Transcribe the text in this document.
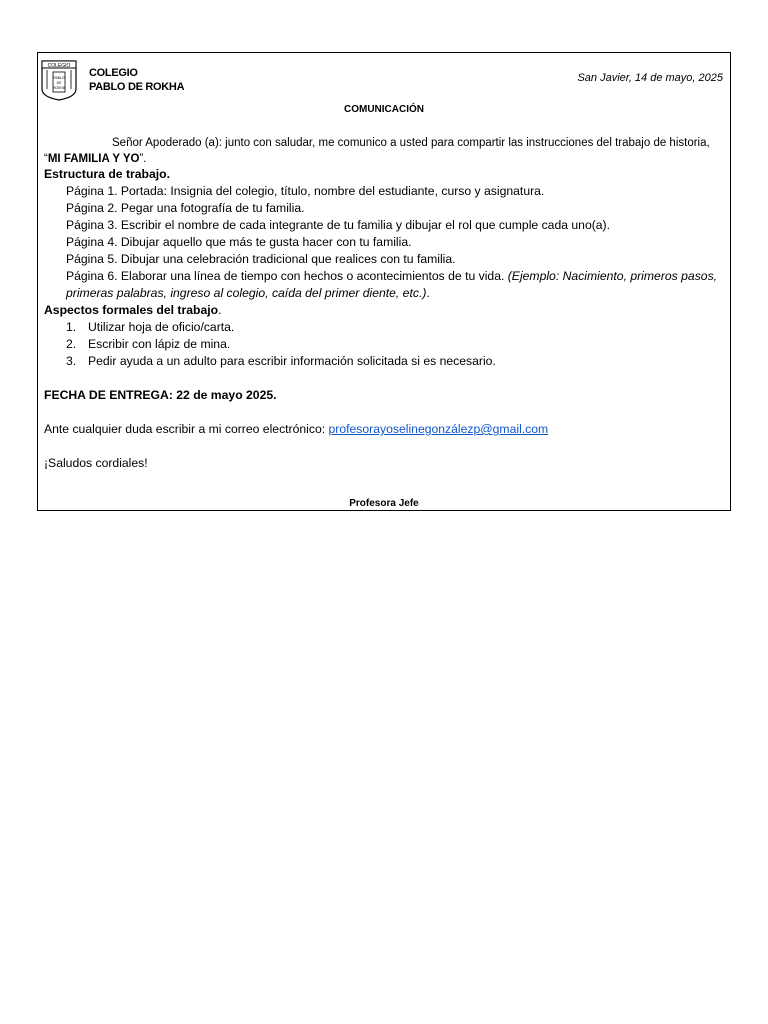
COLEGIO
PABLO
DE
ROKHA
COLEGIO
PABLO DE ROKHA
San Javier, 14 de mayo, 2025
COMUNICACIÓN
Señor Apoderado (a): junto con saludar, me comunico a usted para compartir las instrucciones del trabajo de historia,
“MI FAMILIA Y YO”.
Estructura de trabajo.
Página 1. Portada: Insignia del colegio, título, nombre del estudiante, curso y asignatura.
Página 2. Pegar una fotografía de tu familia.
Página 3. Escribir el nombre de cada integrante de tu familia y dibujar el rol que cumple cada uno(a).
Página 4. Dibujar aquello que más te gusta hacer con tu familia.
Página 5. Dibujar una celebración tradicional que realices con tu familia.
Página 6. Elaborar una línea de tiempo con hechos o acontecimientos de tu vida. (Ejemplo: Nacimiento, primeros pasos, primeras palabras, ingreso al colegio, caída del primer diente, etc.).
Aspectos formales del trabajo.
1. Utilizar hoja de oficio/carta.
2. Escribir con lápiz de mina.
3. Pedir ayuda a un adulto para escribir información solicitada si es necesario.
FECHA DE ENTREGA: 22 de mayo 2025.
Ante cualquier duda escribir a mi correo electrónico: profesorayoselinegonzálezp@gmail.com
¡Saludos cordiales!
Profesora Jefe
